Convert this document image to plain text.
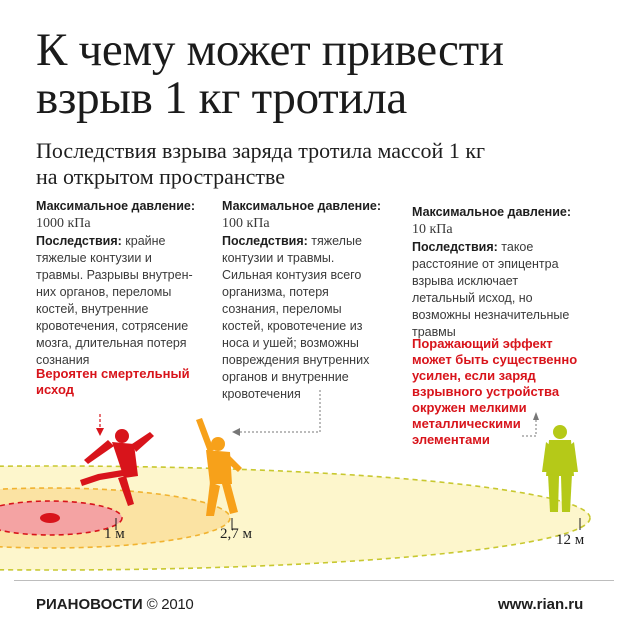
К чему может привести
взрыв 1 кг тротила
Последствия взрыва заряда тротила массой 1 кг
на открытом пространстве
Максимальное давление:
1000 кПа
Последствия: крайне
тяжелые контузии и
травмы. Разрывы внутрен-
них органов, переломы
костей, внутренние
кровотечения, сотрясение
мозга, длительная потеря
сознания
Максимальное давление:
100 кПа
Последствия: тяжелые
контузии и травмы.
Сильная контузия всего
организма, потеря
сознания, переломы
костей, кровотечение из
носа и ушей; возможны
повреждения внутренних
органов и внутренние
кровотечения
Максимальное давление:
10 кПа
Последствия: такое
расстояние от эпицентра
взрыва исключает
летальный исход, но
возможны незначительные
травмы
Вероятен смертельный
исход
Поражающий эффект
может быть существенно
усилен, если заряд
взрывного устройства
окружен мелкими
металлическими
элементами
1 м	2,7 м	12 м
РИАНОВОСТИ © 2010	www.rian.ru
